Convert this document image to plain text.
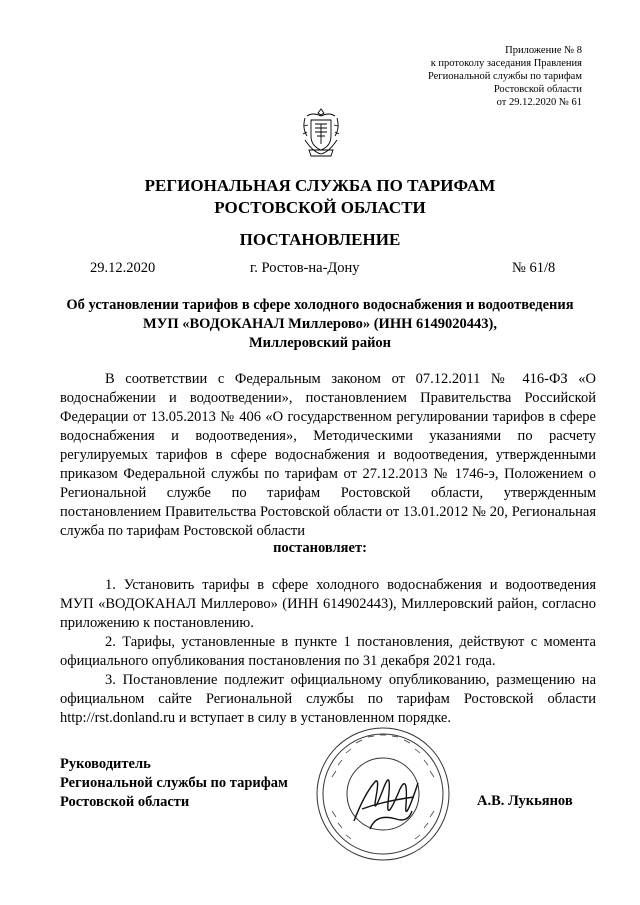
Приложение № 8
к протоколу заседания Правления
Региональной службы по тарифам
Ростовской области
от 29.12.2020 № 61
РЕГИОНАЛЬНАЯ СЛУЖБА ПО ТАРИФАМ
РОСТОВСКОЙ ОБЛАСТИ
ПОСТАНОВЛЕНИЕ
29.12.2020	г. Ростов-на-Дону	№ 61/8
Об установлении тарифов в сфере холодного водоснабжения и водоотведения
МУП «ВОДОКАНАЛ Миллерово» (ИНН 6149020443),
Миллеровский район
В соответствии с Федеральным законом от 07.12.2011 № 416-ФЗ «О водоснабжении и водоотведении», постановлением Правительства Российской Федерации от 13.05.2013 № 406 «О государственном регулировании тарифов в сфере водоснабжения и водоотведения», Методическими указаниями по расчету регулируемых тарифов в сфере водоснабжения и водоотведения, утвержденными приказом Федеральной службы по тарифам от 27.12.2013 № 1746-э, Положением о Региональной службе по тарифам Ростовской области, утвержденным постановлением Правительства Ростовской области от 13.01.2012 № 20, Региональная служба по тарифам Ростовской области
постановляет:

1. Установить тарифы в сфере холодного водоснабжения и водоотведения МУП «ВОДОКАНАЛ Миллерово» (ИНН 614902443), Миллеровский район, согласно приложению к постановлению.

2. Тарифы, установленные в пункте 1 постановления, действуют с момента официального опубликования постановления по 31 декабря 2021 года.

3. Постановление подлежит официальному опубликованию, размещению на официальном сайте Региональной службы по тарифам Ростовской области http://rst.donland.ru и вступает в силу в установленном порядке.

Руководитель
Региональной службы по тарифам
Ростовской области	А.В. Лукьянов
